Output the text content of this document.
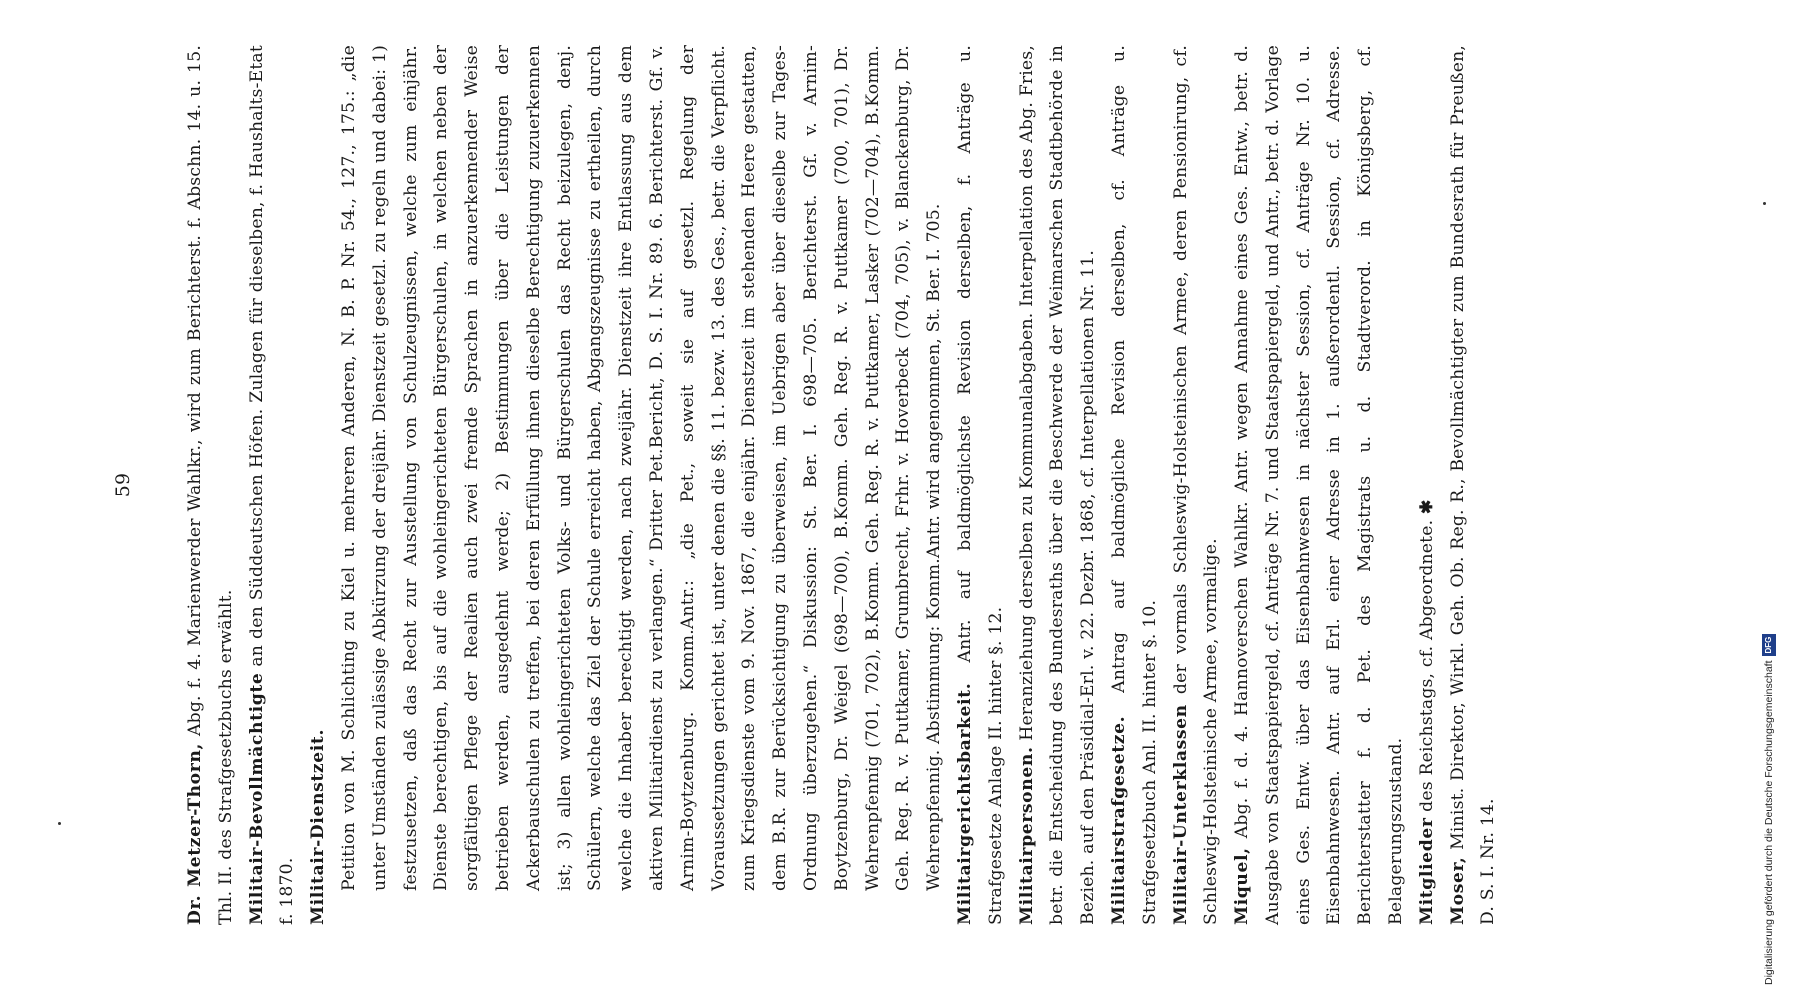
59

Dr. Metzer-Thorn, Abg. f. 4. Marienwerder Wahlkr., wird zum Berichterst. f. Abschn. 14. u. 15. Thl. II. des Strafgesetzbuchs erwählt. Militair-Bevollmächtigte an den Süddeutschen Höfen. Zulagen für dieselben, f. Haushalts-Etat f. 1870. Militair-Dienstzeit. Petition von M. Schlichting zu Kiel u. mehreren Anderen, N. B. P. Nr. 54., 127., 175.: „die unter Umständen zulässige Abkürzung der dreijähr. Dienstzeit gesetzl. zu regeln und dabei: 1) festzusetzen, daß das Recht zur Ausstellung von Schulzeugnissen, welche zum einjähr. Dienste berechtigen, bis auf die wohleingerichteten Bürgerschulen, in welchen neben der sorgfältigen Pflege der Realien auch zwei fremde Sprachen in anzuerkennender Weise betrieben werden, ausgedehnt werde; 2) Bestimmungen über die Leistungen der Ackerbauschulen zu treffen, bei deren Erfüllung ihnen dieselbe Berechtigung zuzuerkennen ist; 3) allen wohleingerichteten Volks- und Bürgerschulen das Recht beizulegen, denj. Schülern, welche das Ziel der Schule erreicht haben, Abgangszeugnisse zu ertheilen, durch welche die Inhaber berechtigt werden, nach zweijähr. Dienstzeit ihre Entlassung aus dem aktiven Militairdienst zu verlangen.“ Dritter Pet.Bericht, D. S. I. Nr. 89. 6. Berichterst. Gf. v. Arnim-Boytzenburg. Komm.Antr.: „die Pet., soweit sie auf gesetzl. Regelung der Voraussetzungen gerichtet ist, unter denen die §§. 11. bezw. 13. des Ges., betr. die Verpflicht. zum Kriegsdienste vom 9. Nov. 1867, die einjähr. Dienstzeit im stehenden Heere gestatten, dem B.R. zur Berücksichtigung zu überweisen, im Uebrigen aber über dieselbe zur Tages-Ordnung überzugehen.“ Diskussion: St. Ber. I. 698—705. Berichterst. Gf. v. Arnim-Boytzenburg, Dr. Weigel (698—700), B.Komm. Geh. Reg. R. v. Puttkamer (700, 701), Dr. Wehrenpfennig (701, 702), B.Komm. Geh. Reg. R. v. Puttkamer, Lasker (702—704), B.Komm. Geh. Reg. R. v. Puttkamer, Grumbrecht, Frhr. v. Hoverbeck (704, 705), v. Blanckenburg, Dr. Wehrenpfennig. Abstimmung: Komm.Antr. wird angenommen, St. Ber. I. 705. Militairgerichtsbarkeit. Antr. auf baldmöglichste Revision derselben, f. Anträge u. Strafgesetze Anlage II. hinter §. 12. Militairpersonen. Heranziehung derselben zu Kommunalabgaben. Interpellation des Abg. Fries, betr. die Entscheidung des Bundesraths über die Beschwerde der Weimarschen Stadtbehörde in Bezieh. auf den Präsidial-Erl. v. 22. Dezbr. 1868, cf. Interpellationen Nr. 11. Militairstrafgesetze. Antrag auf baldmögliche Revision derselben, cf. Anträge u. Strafgesetzbuch Anl. II. hinter §. 10. Militair-Unterklassen der vormals Schleswig-Holsteinischen Armee, deren Pensionirung, cf. Schleswig-Holsteinische Armee, vormalige. Miquel, Abg. f. d. 4. Hannoverschen Wahlkr. Antr. wegen Annahme eines Ges. Entw., betr. d. Ausgabe von Staatspapiergeld, cf. Anträge Nr. 7. und Staatspapiergeld, und Antr., betr. d. Vorlage eines Ges. Entw. über das Eisenbahnwesen in nächster Session, cf. Anträge Nr. 10. u. Eisenbahnwesen. Antr. auf Erl. einer Adresse in 1. außerordentl. Session, cf. Adresse. Berichterstatter f. d. Pet. des Magistrats u. d. Stadtverord. in Königsberg, cf. Belagerungszustand. Mitglieder des Reichstags, cf. Abgeordnete. ✱

Moser, Minist. Direktor, Wirkl. Geh. Ob. Reg. R., Bevollmächtigter zum Bundesrath für Preußen, D. S. I. Nr. 14.	Digitalisierung gefördert durch die Deutsche ForschungsgemeinschaftDFG
